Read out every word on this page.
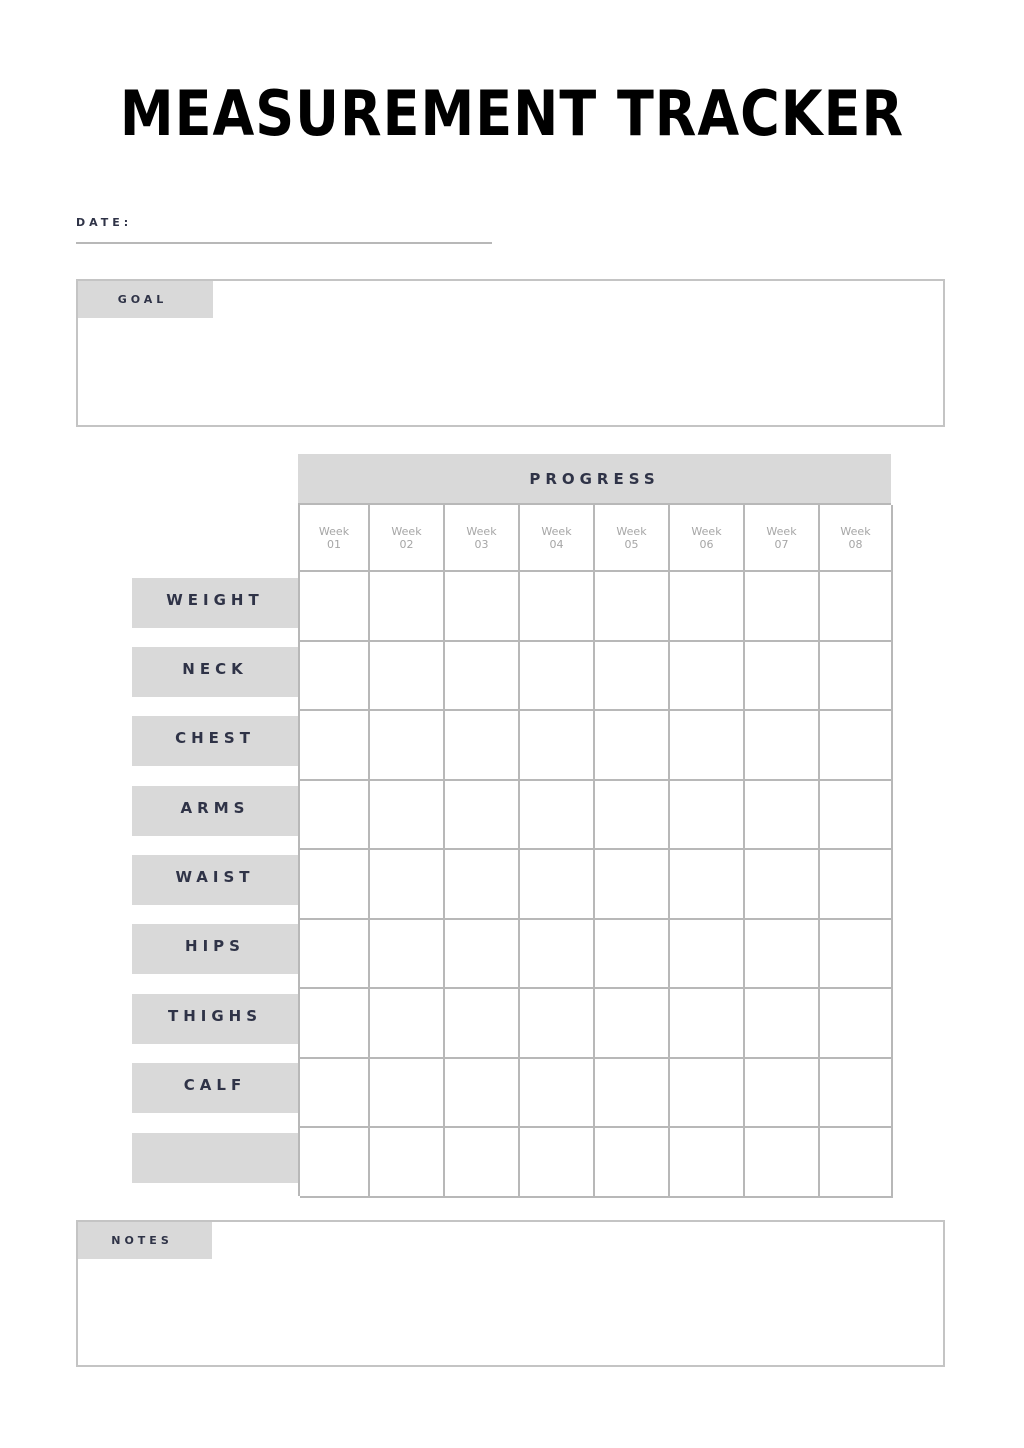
MEASUREMENT TRACKER
DATE:
GOAL
PROGRESS
Week
01
Week
02
Week
03
Week
04
Week
05
Week
06
Week
07
Week
08
WEIGHT
NECK
CHEST
ARMS
WAIST
HIPS
THIGHS
CALF
NOTES
